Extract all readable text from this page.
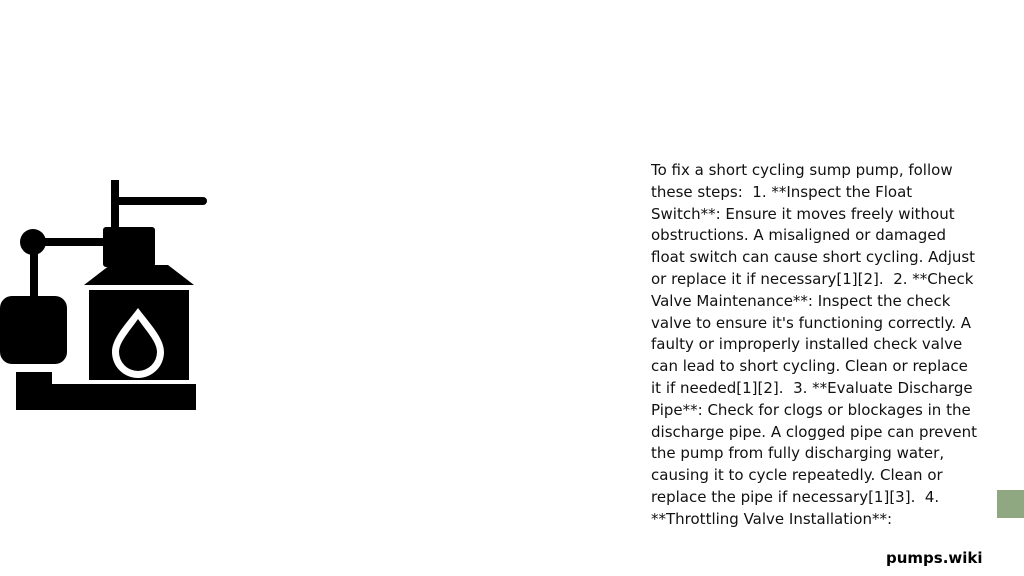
To fix a short cycling sump pump, follow these steps:  1. **Inspect the Float Switch**: Ensure it moves freely without obstructions. A misaligned or damaged float switch can cause short cycling. Adjust or replace it if necessary[1][2].  2. **Check Valve Maintenance**: Inspect the check valve to ensure it's functioning correctly. A faulty or improperly installed check valve can lead to short cycling. Clean or replace it if needed[1][2].  3. **Evaluate Discharge Pipe**: Check for clogs or blockages in the discharge pipe. A clogged pipe can prevent the pump from fully discharging water, causing it to cycle repeatedly. Clean or replace the pipe if necessary[1][3].  4. **Throttling Valve Installation**:
pumps.wiki
